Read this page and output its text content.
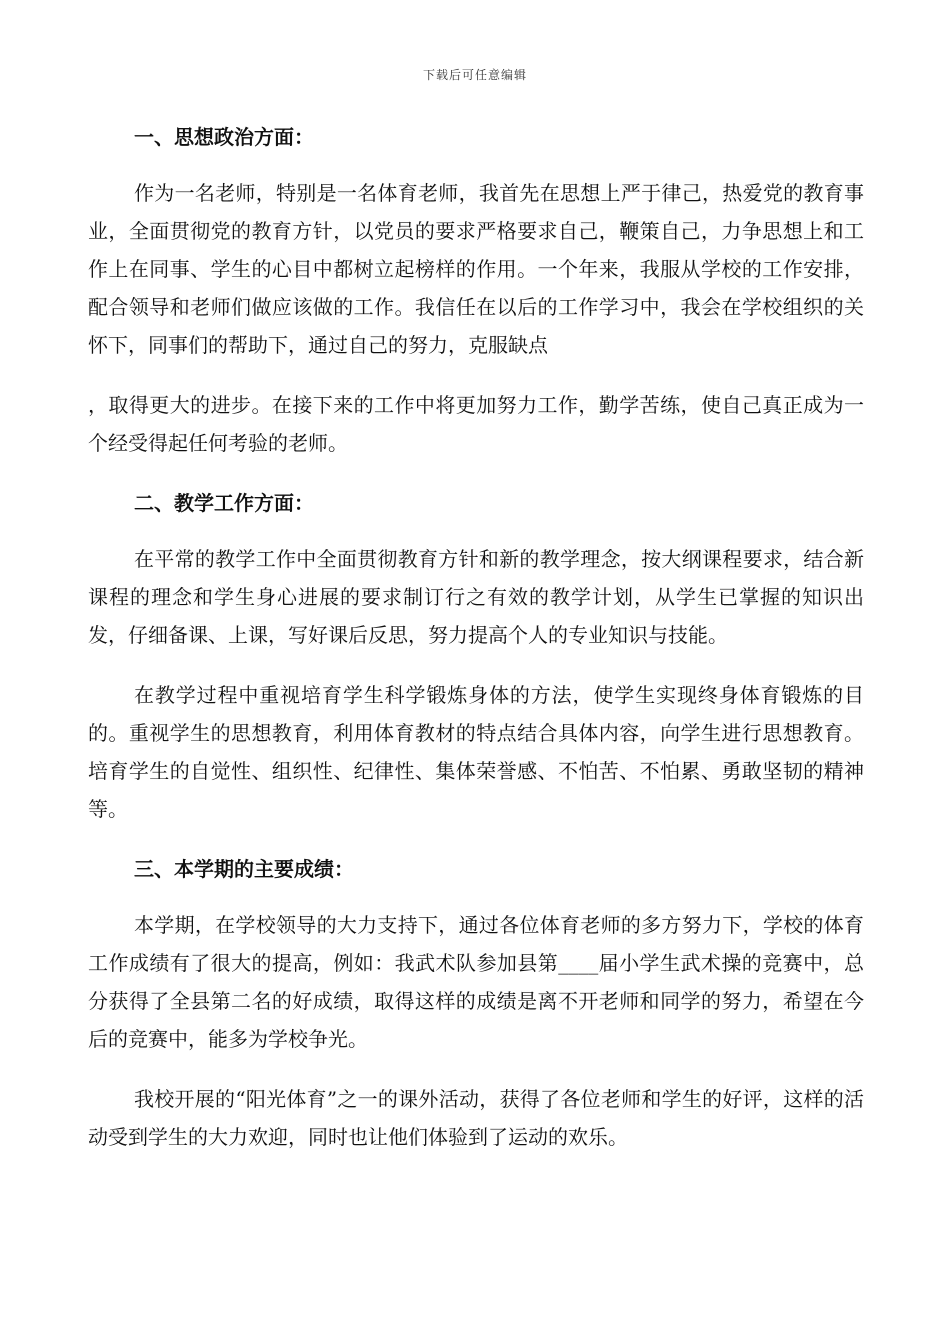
下载后可任意编辑

一、思想政治方面：

作为一名老师，特别是一名体育老师，我首先在思想上严于律己，热爱党的教育事业，全面贯彻党的教育方针，以党员的要求严格要求自己，鞭策自己，力争思想上和工作上在同事、学生的心目中都树立起榜样的作用。一个年来，我服从学校的工作安排，配合领导和老师们做应该做的工作。我信任在以后的工作学习中，我会在学校组织的关怀下，同事们的帮助下，通过自己的努力，克服缺点

，取得更大的进步。在接下来的工作中将更加努力工作，勤学苦练，使自己真正成为一个经受得起任何考验的老师。

二、教学工作方面：

在平常的教学工作中全面贯彻教育方针和新的教学理念，按大纲课程要求，结合新课程的理念和学生身心进展的要求制订行之有效的教学计划，从学生已掌握的知识出发，仔细备课、上课，写好课后反思，努力提高个人的专业知识与技能。

在教学过程中重视培育学生科学锻炼身体的方法，使学生实现终身体育锻炼的目的。重视学生的思想教育，利用体育教材的特点结合具体内容，向学生进行思想教育。培育学生的自觉性、组织性、纪律性、集体荣誉感、不怕苦、不怕累、勇敢坚韧的精神等。

三、本学期的主要成绩：

本学期，在学校领导的大力支持下，通过各位体育老师的多方努力下，学校的体育工作成绩有了很大的提高，例如：我武术队参加县第____届小学生武术操的竞赛中，总分获得了全县第二名的好成绩，取得这样的成绩是离不开老师和同学的努力，希望在今后的竞赛中，能多为学校争光。

我校开展的“阳光体育”之一的课外活动，获得了各位老师和学生的好评，这样的活动受到学生的大力欢迎，同时也让他们体验到了运动的欢乐。
